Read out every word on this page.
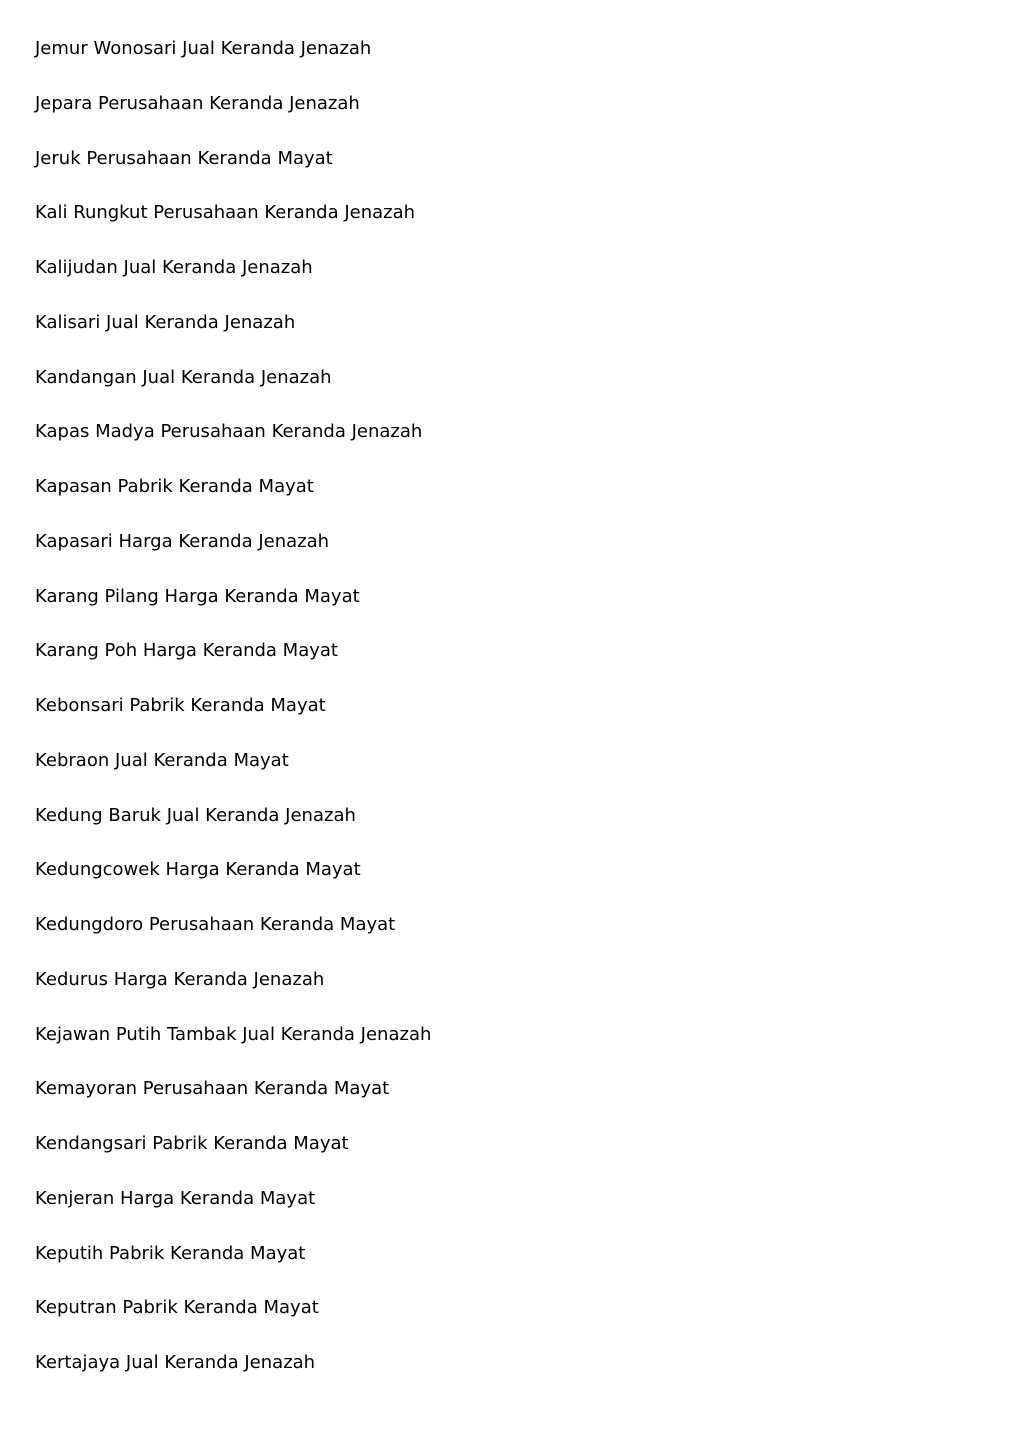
Jemur Wonosari Jual Keranda Jenazah
Jepara Perusahaan Keranda Jenazah
Jeruk Perusahaan Keranda Mayat
Kali Rungkut Perusahaan Keranda Jenazah
Kalijudan Jual Keranda Jenazah
Kalisari Jual Keranda Jenazah
Kandangan Jual Keranda Jenazah
Kapas Madya Perusahaan Keranda Jenazah
Kapasan Pabrik Keranda Mayat
Kapasari Harga Keranda Jenazah
Karang Pilang Harga Keranda Mayat
Karang Poh Harga Keranda Mayat
Kebonsari Pabrik Keranda Mayat
Kebraon Jual Keranda Mayat
Kedung Baruk Jual Keranda Jenazah
Kedungcowek Harga Keranda Mayat
Kedungdoro Perusahaan Keranda Mayat
Kedurus Harga Keranda Jenazah
Kejawan Putih Tambak Jual Keranda Jenazah
Kemayoran Perusahaan Keranda Mayat
Kendangsari Pabrik Keranda Mayat
Kenjeran Harga Keranda Mayat
Keputih Pabrik Keranda Mayat
Keputran Pabrik Keranda Mayat
Kertajaya Jual Keranda Jenazah
